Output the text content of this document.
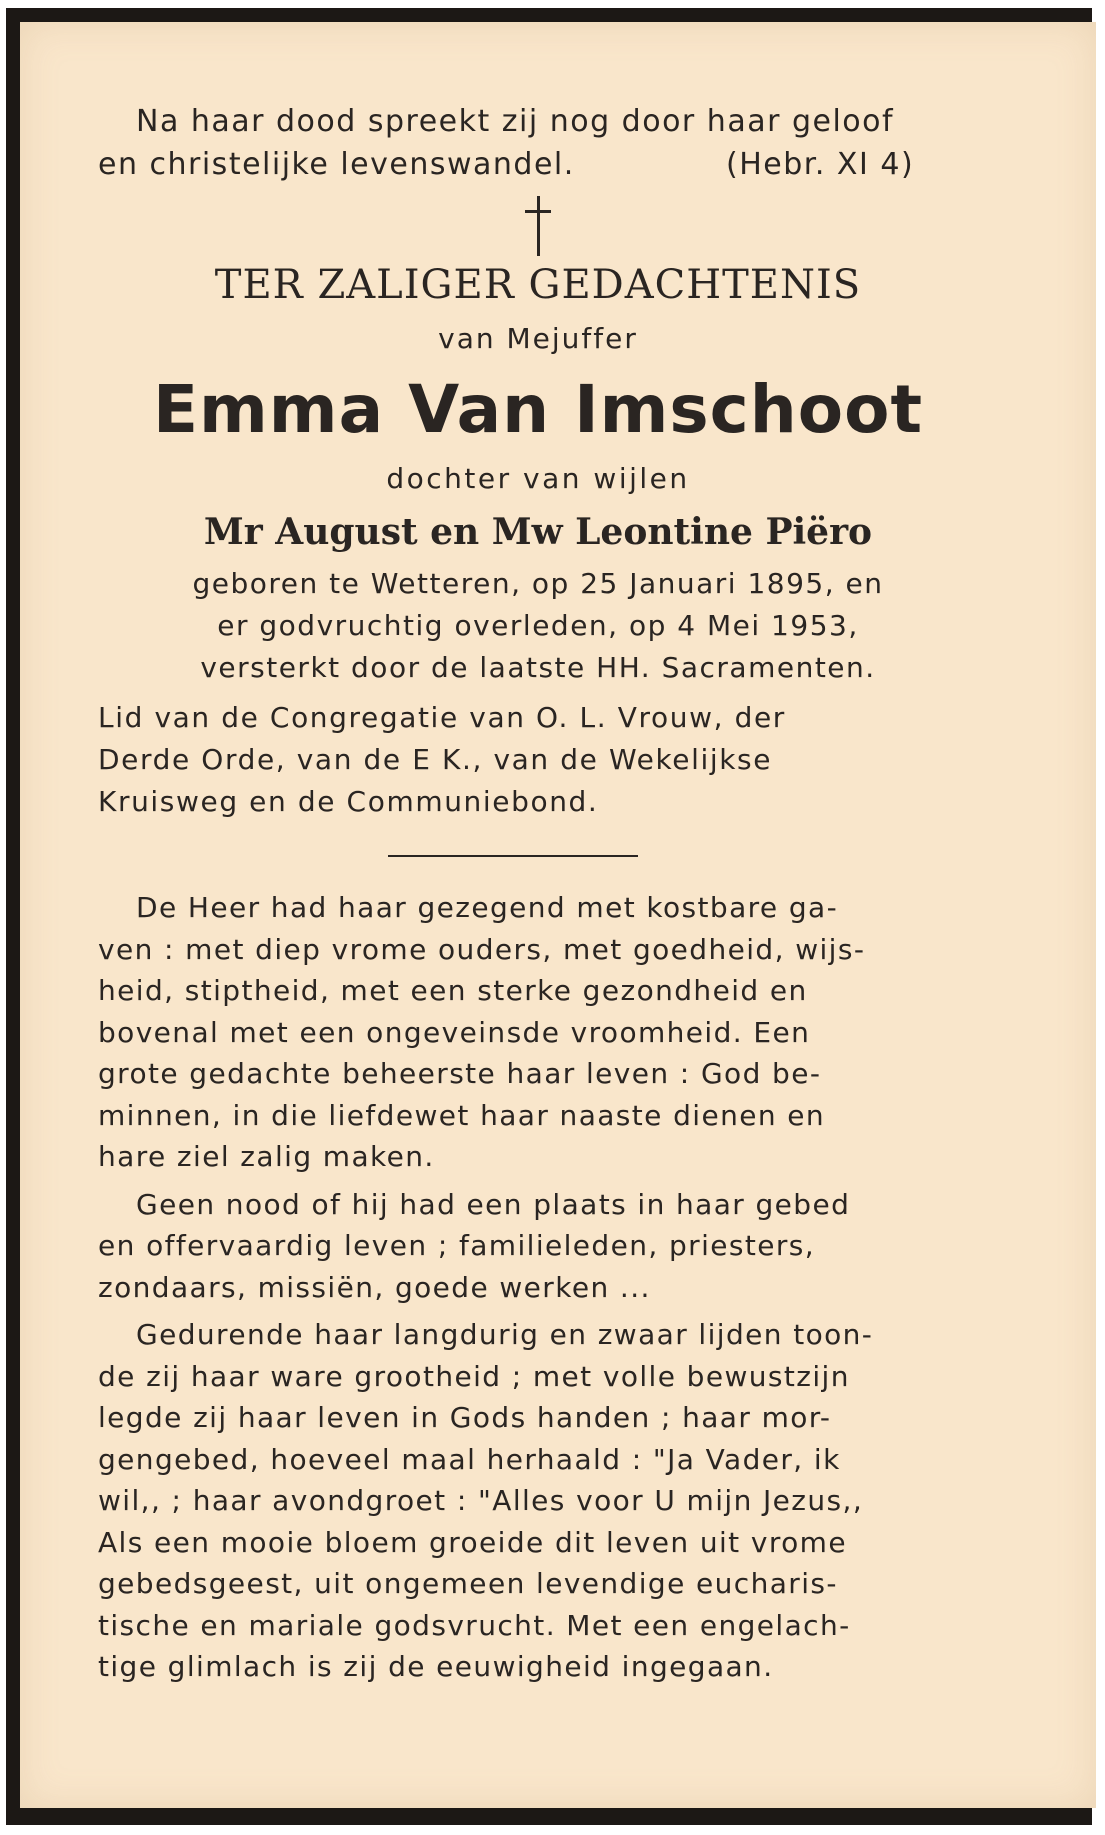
Na haar dood spreekt zij nog door haar geloof
en christelijke levenswandel.	(Hebr. XI 4)
TER ZALIGER GEDACHTENIS
van Mejuffer
Emma Van Imschoot
dochter van wijlen
Mr August en Mw Leontine Piëro
geboren te Wetteren, op 25 Januari 1895, en
er godvruchtig overleden, op 4 Mei 1953,
versterkt door de laatste HH. Sacramenten.
Lid van de Congregatie van O. L. Vrouw, der
Derde Orde, van de E K., van de Wekelijkse
Kruisweg en de Communiebond.
De Heer had haar gezegend met kostbare ga-
ven : met diep vrome ouders, met goedheid, wijs-
heid, stiptheid, met een sterke gezondheid en
bovenal met een ongeveinsde vroomheid. Een
grote gedachte beheerste haar leven : God be-
minnen, in die liefdewet haar naaste dienen en
hare ziel zalig maken.
Geen nood of hij had een plaats in haar gebed
en offervaardig leven ; familieleden, priesters,
zondaars, missiën, goede werken ...
Gedurende haar langdurig en zwaar lijden toon-
de zij haar ware grootheid ; met volle bewustzijn
legde zij haar leven in Gods handen ; haar mor-
gengebed, hoeveel maal herhaald : "Ja Vader, ik
wil,, ; haar avondgroet : "Alles voor U mijn Jezus,,
Als een mooie bloem groeide dit leven uit vrome
gebedsgeest, uit ongemeen levendige eucharis-
tische en mariale godsvrucht. Met een engelach-
tige glimlach is zij de eeuwigheid ingegaan.
